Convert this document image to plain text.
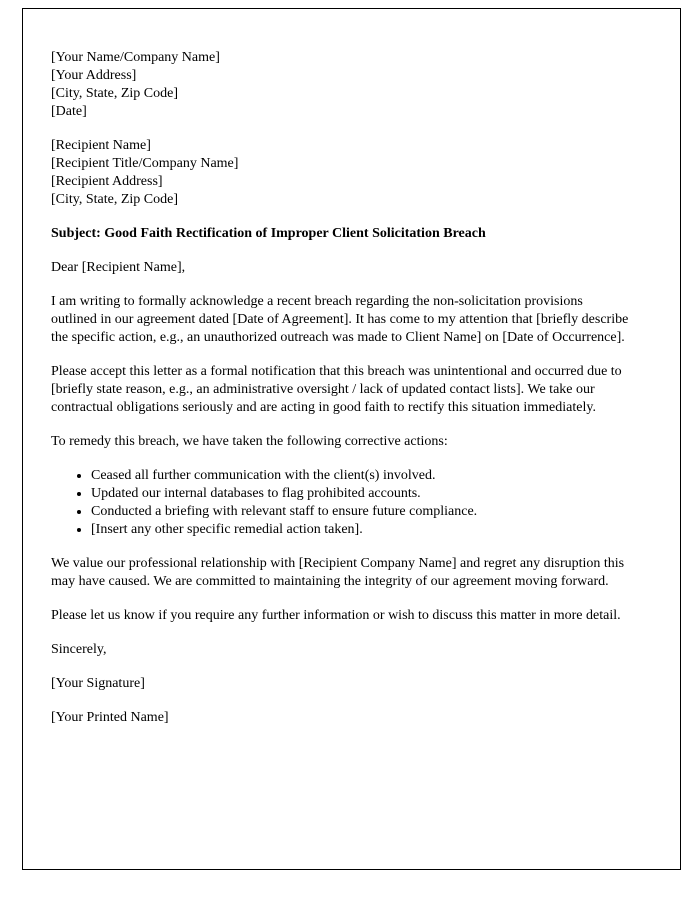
[Your Name/Company Name]
[Your Address]
[City, State, Zip Code]
[Date]
[Recipient Name]
[Recipient Title/Company Name]
[Recipient Address]
[City, State, Zip Code]

Subject: Good Faith Rectification of Improper Client Solicitation Breach

Dear [Recipient Name],

I am writing to formally acknowledge a recent breach regarding the non-solicitation provisions outlined in our agreement dated [Date of Agreement]. It has come to my attention that [briefly describe the specific action, e.g., an unauthorized outreach was made to Client Name] on [Date of Occurrence].

Please accept this letter as a formal notification that this breach was unintentional and occurred due to [briefly state reason, e.g., an administrative oversight / lack of updated contact lists]. We take our contractual obligations seriously and are acting in good faith to rectify this situation immediately.

To remedy this breach, we have taken the following corrective actions:

• Ceased all further communication with the client(s) involved.
• Updated our internal databases to flag prohibited accounts.
• Conducted a briefing with relevant staff to ensure future compliance.
• [Insert any other specific remedial action taken].

We value our professional relationship with [Recipient Company Name] and regret any disruption this may have caused. We are committed to maintaining the integrity of our agreement moving forward.

Please let us know if you require any further information or wish to discuss this matter in more detail.

Sincerely,

[Your Signature]

[Your Printed Name]
